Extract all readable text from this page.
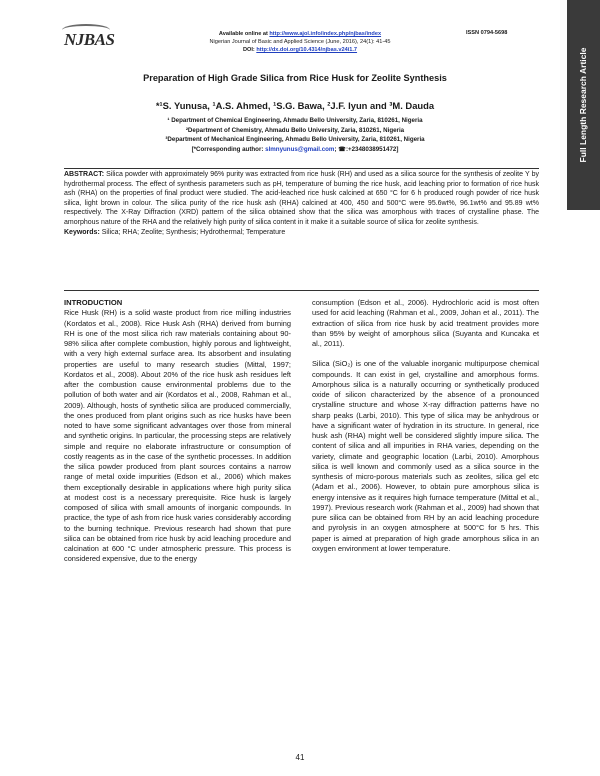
NJBAS	Available online at http://www.ajol.info/index.php/njbas/index
Nigerian Journal of Basic and Applied Science (June, 2016), 24(1): 41-45
DOI: http://dx.doi.org/10.4314/njbas.v24i1.7
ISSN 0794-5698
Full Length Research Article
Preparation of High Grade Silica from Rice Husk for Zeolite Synthesis
*¹S. Yunusa, ¹A.S. Ahmed, ¹S.G. Bawa, ²J.F. Iyun and ³M. Dauda
¹ Department of Chemical Engineering, Ahmadu Bello University, Zaria, 810261, Nigeria
²Department of Chemistry, Ahmadu Bello University, Zaria, 810261, Nigeria
³Department of Mechanical Engineering, Ahmadu Bello University, Zaria, 810261, Nigeria
[*Corresponding author: slmnyunus@gmail.com; ☎:+2348038951472]
ABSTRACT: Silica powder with approximately 96% purity was extracted from rice husk (RH) and used as a silica source for the synthesis of zeolite Y by hydrothermal process. The effect of synthesis parameters such as pH, temperature of burning the rice husk, acid leaching prior to formation of rice husk ash (RHA) on the properties of final product were studied. The acid-leached rice husk calcined at 650 °C for 6 h produced rough powder of rice husk silica, light brown in colour. The silica purity of the rice husk ash (RHA) calcined at 400, 450 and 500°C were 95.6wt%, 96.1wt% and 95.89 wt% respectively. The X-Ray Diffraction (XRD) pattern of the silica obtained show that the silica was amorphous with traces of crystalline phase. The amorphous nature of the RHA and the relatively high purity of silica content in it make it a suitable source of silica for zeolite synthesis.
Keywords: Silica; RHA; Zeolite; Synthesis; Hydrothermal; Temperature
INTRODUCTION

Rice Husk (RH) is a solid waste product from rice milling industries (Kordatos et al., 2008). Rice Husk Ash (RHA) derived from burning RH is one of the most silica rich raw materials containing about 90-98% silica after complete combustion, highly porous and lightweight, with a very high external surface area. Its absorbent and insulating properties are useful to many research studies (Mittal, 1997; Kordatos et al., 2008). About 20% of the rice husk ash residues left after the combustion cause environmental problems due to the pollution of both water and air (Kordatos et al., 2008, Rahman et al., 2009). Although, hosts of synthetic silica are produced commercially, the ones produced from plant origins such as rice husks have been noted to have some significant advantages over those from mineral and synthetic origins. In particular, the processing steps are relatively simple and require no elaborate infrastructure or consumption of costly reagents as in the case of the synthetic processes. In addition the silica powder produced from plant sources contains a narrow range of metal oxide impurities (Edson et al., 2006) which makes them exceptionally desirable in applications where high purity silica at modest cost is a necessary prerequisite. Rice husk is largely composed of silica with small amounts of inorganic compounds. In practice, the type of ash from rice husk varies considerably according to the burning technique. Previous research had shown that pure silica can be obtained from rice husk by acid leaching procedure and calcination at 600 °C under atmospheric pressure. This process is considered expensive, due to the energy

consumption (Edson et al., 2006). Hydrochloric acid is most often used for acid leaching (Rahman et al., 2009, Johan et al., 2011). The extraction of silica from rice husk by acid treatment provides more than 95% by weight of amorphous silica (Suyanta and Kuncaka et al., 2011).

Silica (SiO₂) is one of the valuable inorganic multipurpose chemical compounds. It can exist in gel, crystalline and amorphous forms. Amorphous silica is a naturally occurring or synthetically produced oxide of silicon characterized by the absence of a pronounced crystalline structure and whose X-ray diffraction patterns have no sharp peaks (Larbi, 2010). This type of silica may be anhydrous or have a significant water of hydration in its structure. In general, rice husk ash (RHA) might well be considered slightly impure silica. The content of silica and all impurities in RHA varies, depending on the variety, climate and geographic location (Larbi, 2010). Amorphous silica is well known and commonly used as a silica source in the synthesis of micro-porous materials such as zeolites, silica gel etc (Adam et al., 2006). However, to obtain pure amorphous silica is energy intensive as it requires high furnace temperature (Mittal et al., 1997). Previous research work (Rahman et al., 2009) had shown that pure silica can be obtained from RH by an acid leaching procedure and pyrolysis in an oxygen atmosphere at 500°C for 5 hrs. This paper is aimed at preparation of high grade amorphous silica in an oxygen environment at lower temperature.

41
